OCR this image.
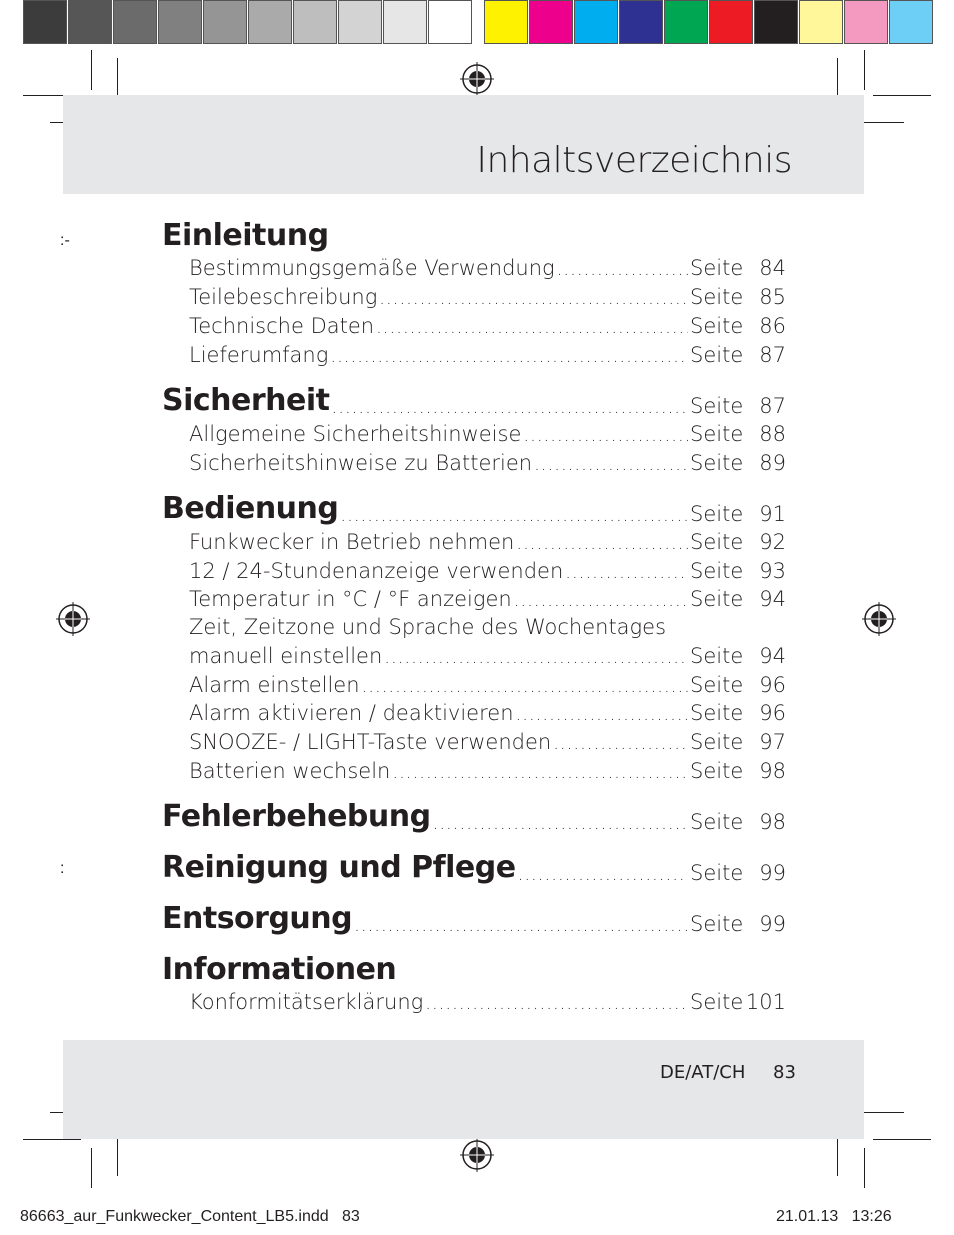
Inhaltsverzeichnis
:-
:
Einleitung
Bestimmungsgemäße Verwendung .....	Seite 84
Teilebeschreibung .....	Seite 85
Technische Daten .....	Seite 86
Lieferumfang .....	Seite 87
Sicherheit .....	Seite 87
Allgemeine Sicherheitshinweise .....	Seite 88
Sicherheitshinweise zu Batterien .....	Seite 89
Bedienung .....	Seite 91
Funkwecker in Betrieb nehmen .....	Seite 92
12 / 24-Stundenanzeige verwenden .....	Seite 93
Temperatur in °C / °F anzeigen .....	Seite 94
Zeit, Zeitzone und Sprache des Wochentages
manuell einstellen .....	Seite 94
Alarm einstellen .....	Seite 96
Alarm aktivieren / deaktivieren .....	Seite 96
SNOOZE- / LIGHT-Taste verwenden .....	Seite 97
Batterien wechseln .....	Seite 98
Fehlerbehebung .....	Seite 98
Reinigung und Pflege .....	Seite 99
Entsorgung .....	Seite 99
Informationen
Konformitätserklärung .....	Seite 101
DE/AT/CH 83
86663_aur_Funkwecker_Content_LB5.indd   83	21.01.13   13:26
